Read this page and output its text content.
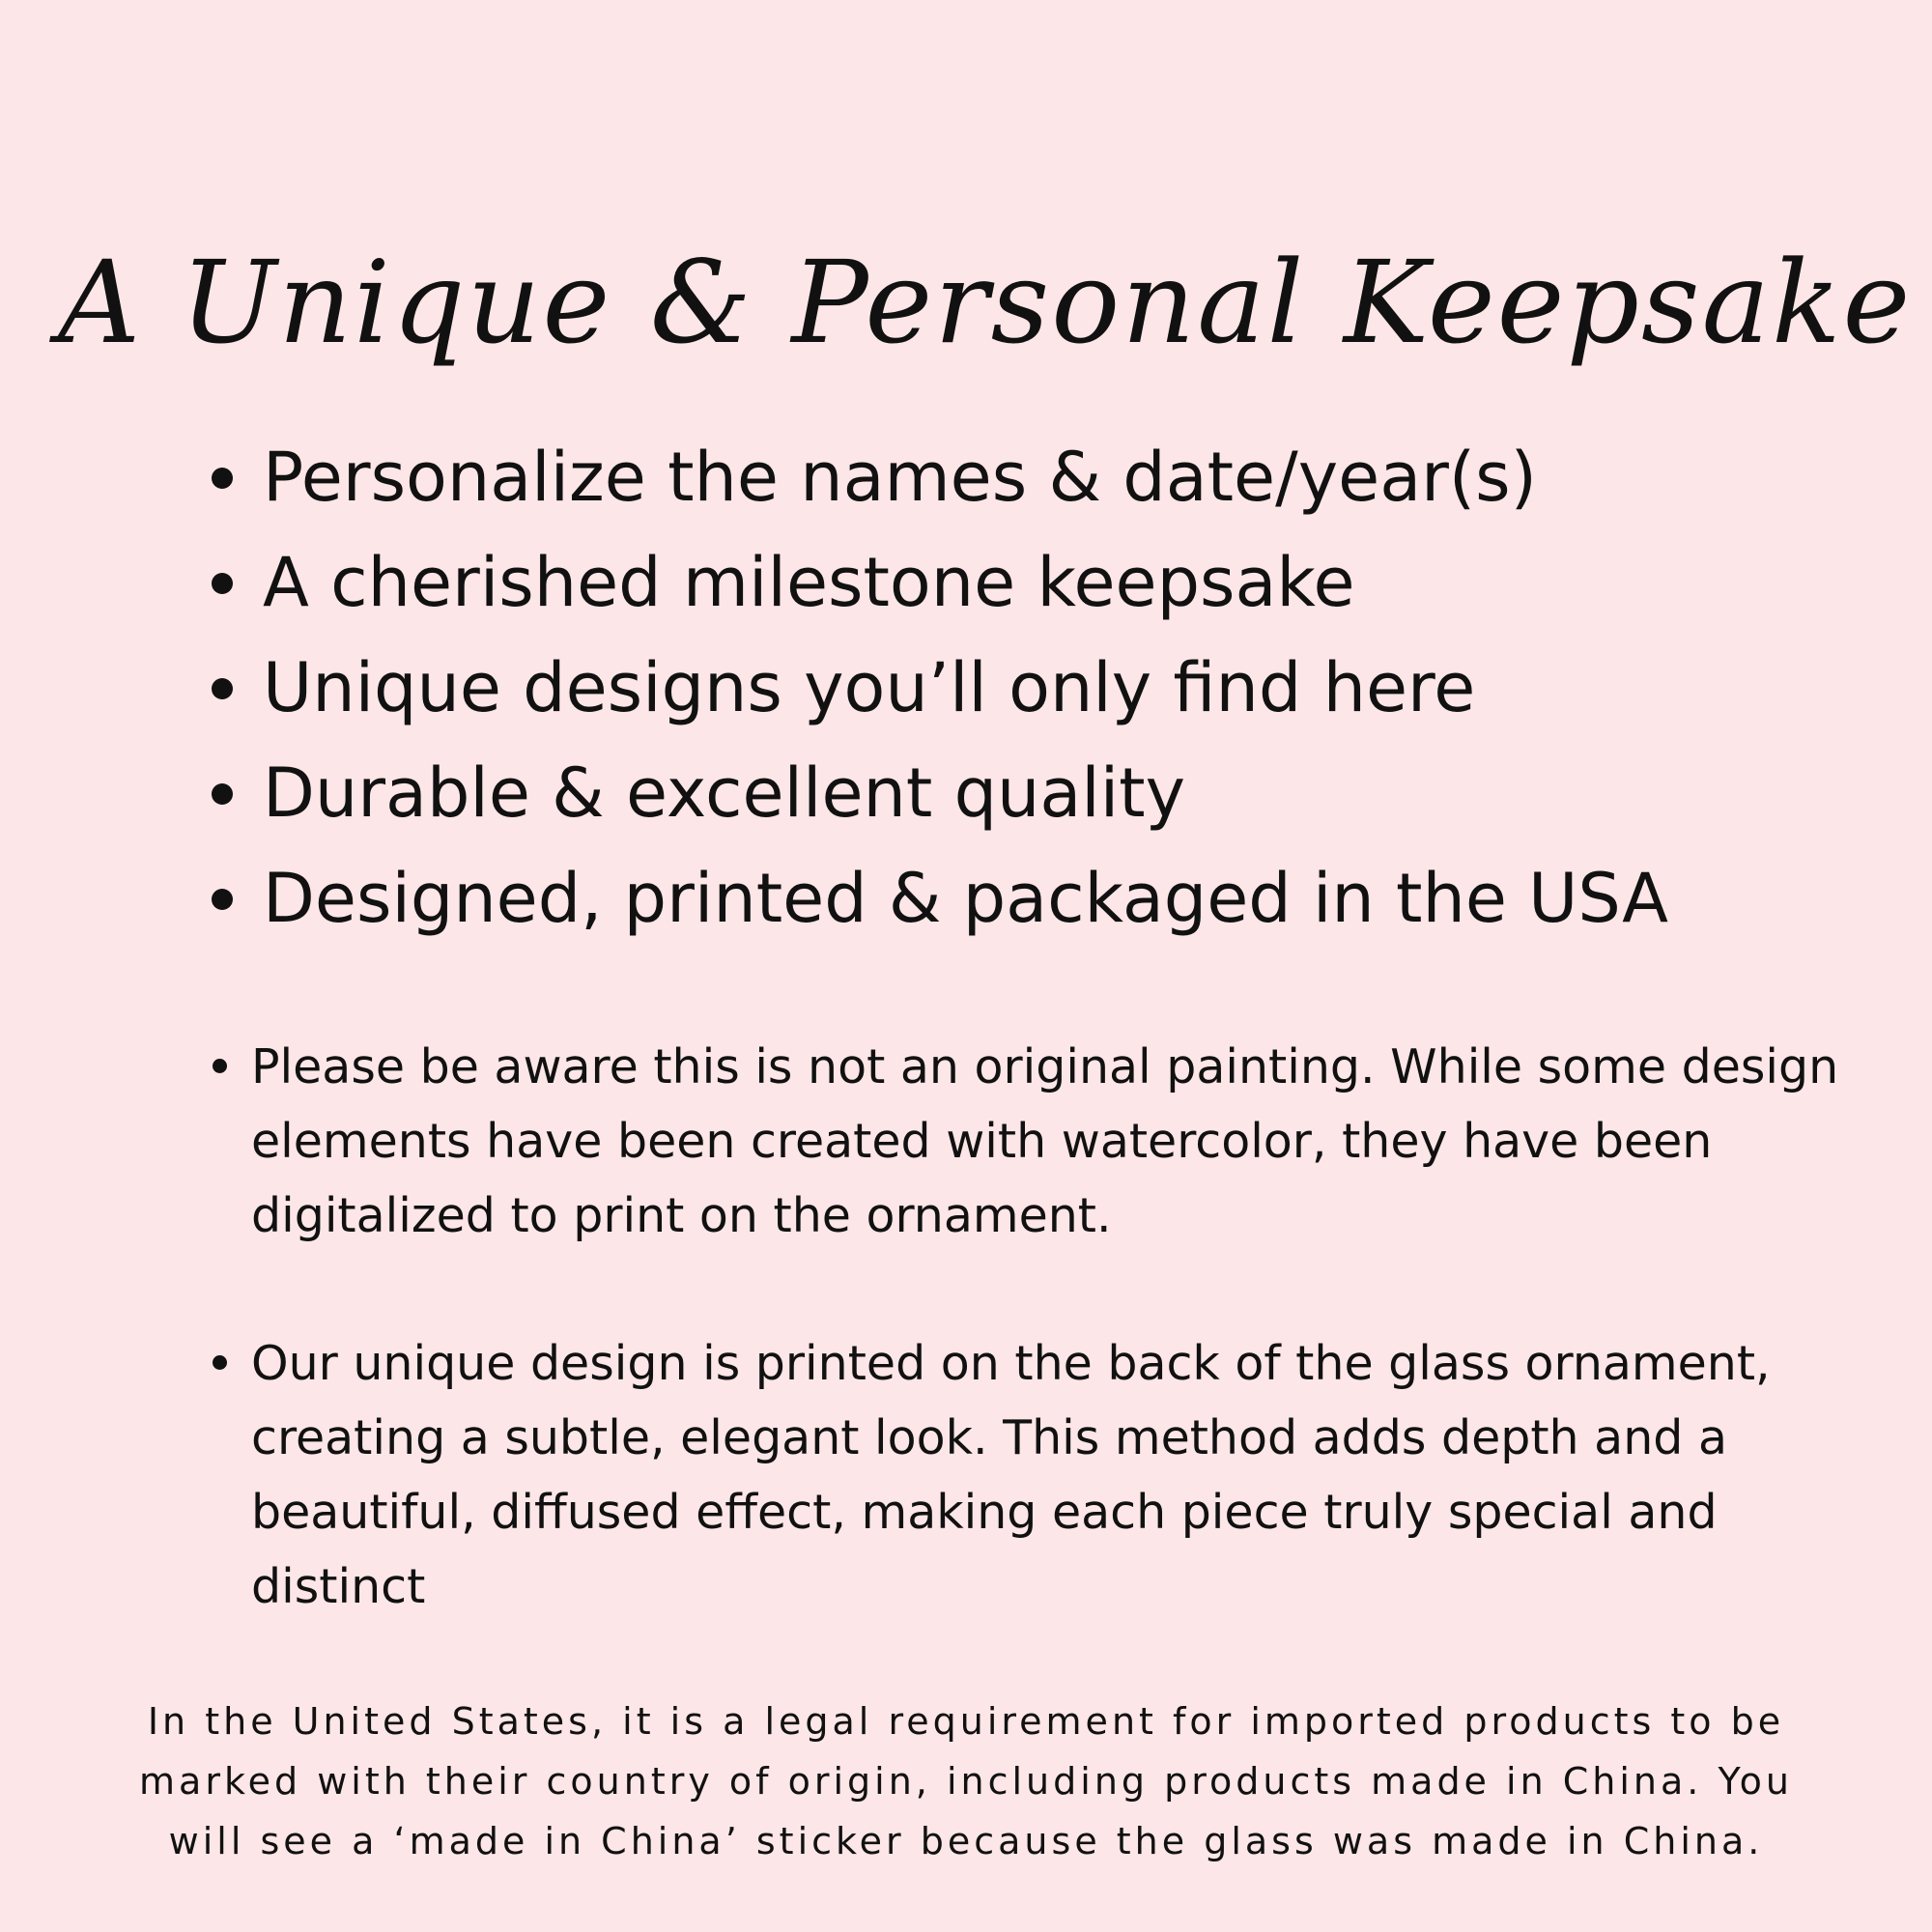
A Unique & Personal Keepsake
Personalize the names & date/year(s)
A cherished milestone keepsake
Unique designs you’ll only find here
Durable & excellent quality
Designed, printed & packaged in the USA
Please be aware this is not an original painting. While some design elements have been created with watercolor, they have been digitalized to print on the ornament.
Our unique design is printed on the back of the glass ornament, creating a subtle, elegant look. This method adds depth and a beautiful, diffused effect, making each piece truly special and distinct

In the United States, it is a legal requirement for imported products to be marked with their country of origin, including products made in China. You will see a ‘made in China’ sticker because the glass was made in China.
